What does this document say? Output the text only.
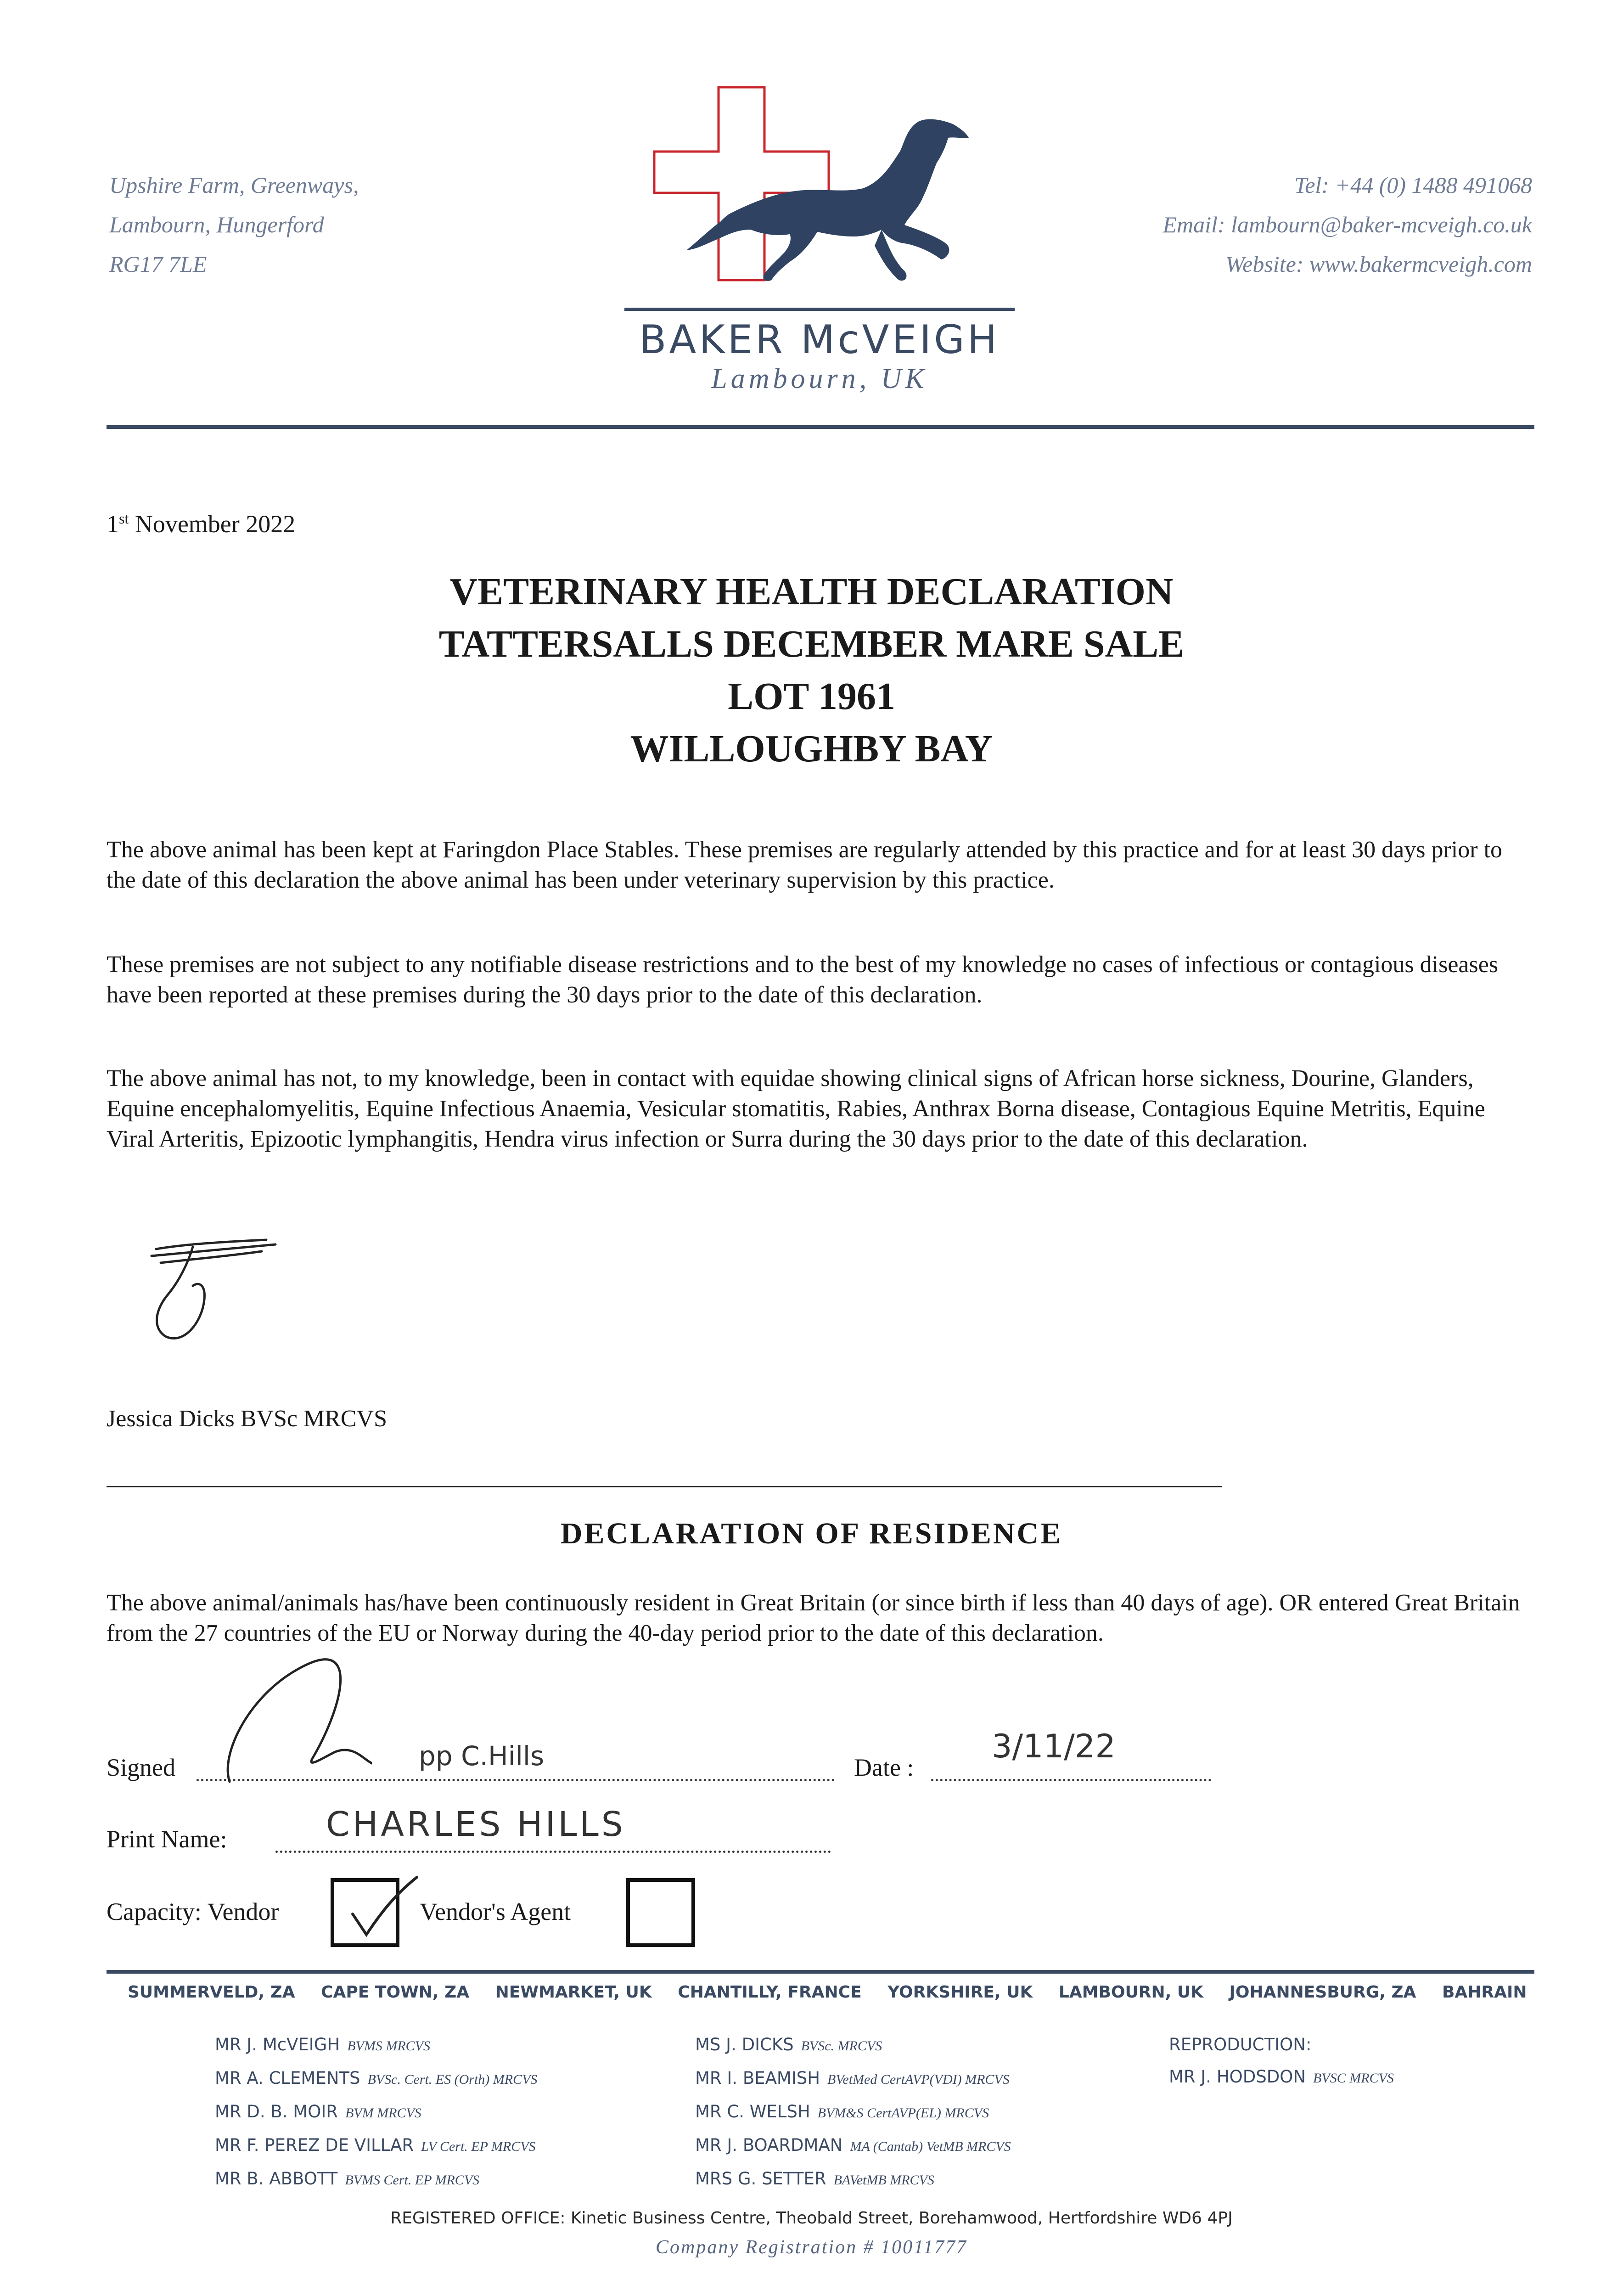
Upshire Farm, Greenways,
Lambourn, Hungerford
RG17 7LE
BAKER McVEIGH
Lambourn, UK
Tel: +44 (0) 1488 491068
Email: lambourn@baker-mcveigh.co.uk
Website: www.bakermcveigh.com
1st November 2022
VETERINARY HEALTH DECLARATION
TATTERSALLS DECEMBER MARE SALE
LOT 1961
WILLOUGHBY BAY
The above animal has been kept at Faringdon Place Stables. These premises are regularly attended by this practice and for at least 30 days prior to the date of this declaration the above animal has been under veterinary supervision by this practice.
These premises are not subject to any notifiable disease restrictions and to the best of my knowledge no cases of infectious or contagious diseases have been reported at these premises during the 30 days prior to the date of this declaration.
The above animal has not, to my knowledge, been in contact with equidae showing clinical signs of African horse sickness, Dourine, Glanders, Equine encephalomyelitis, Equine Infectious Anaemia, Vesicular stomatitis, Rabies, Anthrax Borna disease, Contagious Equine Metritis, Equine Viral Arteritis, Epizootic lymphangitis, Hendra virus infection or Surra during the 30 days prior to the date of this declaration.
Jessica Dicks BVSc MRCVS
DECLARATION OF RESIDENCE
The above animal/animals has/have been continuously resident in Great Britain (or since birth if less than 40 days of age). OR entered Great Britain from the 27 countries of the EU or Norway during the 40-day period prior to the date of this declaration.
Signed	pp C.Hills	Date :
3/11/22
Print Name:	CHARLES HILLS
Capacity: Vendor	Vendor's Agent
SUMMERVELD, ZA CAPE TOWN, ZA NEWMARKET, UK CHANTILLY, FRANCE YORKSHIRE, UK LAMBOURN, UK JOHANNESBURG, ZA BAHRAIN
MR J. McVEIGH BVMS MRCVS
MR A. CLEMENTS BVSc. Cert. ES (Orth) MRCVS
MR D. B. MOIR BVM MRCVS
MR F. PEREZ DE VILLAR LV Cert. EP MRCVS
MR B. ABBOTT BVMS Cert. EP MRCVS
MS J. DICKS BVSc. MRCVS
MR I. BEAMISH BVetMed CertAVP(VDI) MRCVS
MR C. WELSH BVM&S CertAVP(EL) MRCVS
MR J. BOARDMAN MA (Cantab) VetMB MRCVS
MRS G. SETTER BAVetMB MRCVS
REPRODUCTION:
MR J. HODSDON BVSC MRCVS
REGISTERED OFFICE: Kinetic Business Centre, Theobald Street, Borehamwood, Hertfordshire WD6 4PJ
Company Registration # 10011777
